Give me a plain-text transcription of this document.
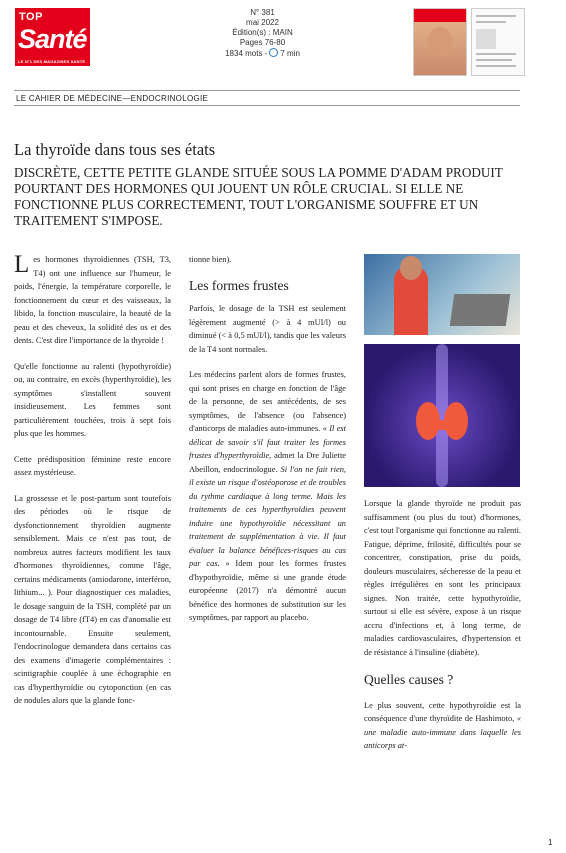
TOP
Santé
LE N°1 DES MAGAZINES SANTÉ
N° 381
mai 2022
Édition(s) : MAIN
Pages 76-80
1834 mots - 7 min
LE CAHIER DE MÉDECINE—ENDOCRINOLOGIE
La thyroïde dans tous ses états
DISCRÈTE, CETTE PETITE GLANDE SITUÉE SOUS LA POMME D'ADAM PRODUIT POURTANT DES HORMONES QUI JOUENT UN RÔLE CRUCIAL. SI ELLE NE FONCTIONNE PLUS CORRECTEMENT, TOUT L'ORGANISME SOUFFRE ET UN TRAITEMENT S'IMPOSE.

Les hormones thyroïdiennes (TSH, T3, T4) ont une influence sur l'humeur, le poids, l'énergie, la température corporelle, le fonctionnement du cœur et des vaisseaux, la libido, la fonction musculaire, la beauté de la peau et des cheveux, la solidité des os et des dents. C'est dire l'importance de la thyroïde !

Qu'elle fonctionne au ralenti (hypothyroïdie) ou, au contraire, en excès (hyperthyroïdie), les symptômes s'installent souvent insidieusement. Les femmes sont particulièrement touchées, trois à sept fois plus que les hommes.

Cette prédisposition féminine reste encore assez mystérieuse.

La grossesse et le post-partum sont toutefois des périodes où le risque de dysfonctionnement thyroïdien augmente sensiblement. Mais ce n'est pas tout, de nombreux autres facteurs modifient les taux d'hormones thyroïdiennes, comme l'âge, certains médicaments (amiodarone, interféron, lithium... ). Pour diagnostiquer ces maladies, le dosage sanguin de la TSH, complété par un dosage de T4 libre (fT4) en cas d'anomalie est incontournable. Ensuite seulement, l'endocrinologue demandera dans certains cas des examens d'imagerie complémentaires : scintigraphie couplée à une échographie en cas d'hyperthyroïdie ou cytoponction (en cas de nodules alors que la glande fonc-

tionne bien).

Les formes frustes

Parfois, le dosage de la TSH est seulement légèrement augmenté (> à 4 mUI/l) ou diminué (< à 0,5 mUI/l), tandis que les valeurs de la T4 sont normales.

Les médecins parlent alors de formes frustes, qui sont prises en charge en fonction de l'âge de la personne, de ses antécédents, de ses symptômes, de l'absence (ou l'absence) d'anticorps de maladies auto-immunes. « Il est délicat de savoir s'il faut traiter les formes frustes d'hyperthyroïdie, admet la Dre Juliette Abeillon, endocrinologue. Si l'on ne fait rien, il existe un risque d'ostéoporose et de troubles du rythme cardiaque à long terme. Mais les traitements de ces hyperthyroïdies peuvent induire une hypothyroïdie nécessitant un traitement de supplémentation à vie. Il faut évaluer la balance bénéfices-risques au cas par cas. » Idem pour les formes frustes d'hypothyroïdie, même si une grande étude européenne (2017) n'a démontré aucun bénéfice des hormones de substitution sur les symptômes, par rapport au placebo.

Lorsque la glande thyroïde ne produit pas suffisamment (ou plus du tout) d'hormones, c'est tout l'organisme qui fonctionne au ralenti. Fatigue, déprime, frilosité, difficultés pour se concentrer, constipation, prise du poids, douleurs musculaires, sécheresse de la peau et règles irrégulières en sont les principaux signes. Non traitée, cette hypothyroïdie, surtout si elle est sévère, expose à un risque accru d'infections et, à long terme, de maladies cardiovasculaires, d'hypertension et de résistance à l'insuline (diabète).

Quelles causes ?

Le plus souvent, cette hypothyroïdie est la conséquence d'une thyroïdite de Hashimoto, « une maladie auto-immune dans laquelle les anticorps at-

1
